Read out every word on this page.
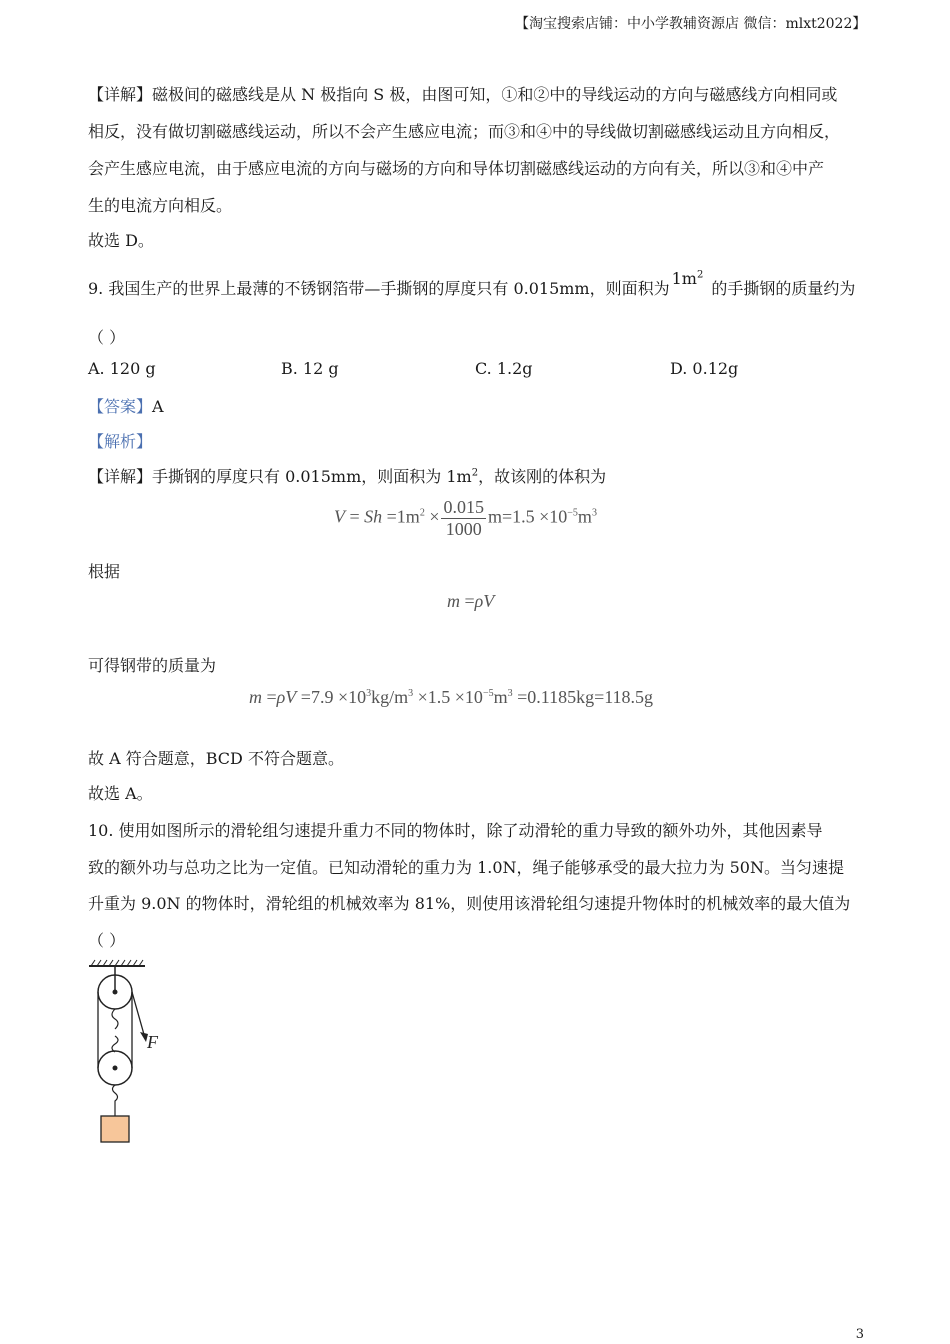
【淘宝搜索店铺：中小学教辅资源店 微信：mlxt2022】
【详解】磁极间的磁感线是从 N 极指向 S 极，由图可知，①和②中的导线运动的方向与磁感线方向相同或
相反，没有做切割磁感线运动，所以不会产生感应电流；而③和④中的导线做切割磁感线运动且方向相反，
会产生感应电流，由于感应电流的方向与磁场的方向和导体切割磁感线运动的方向有关，所以③和④中产
生的电流方向相反。
故选 D。
9. 我国生产的世界上最薄的不锈钢箔带—手撕钢的厚度只有 0.015mm，则面积为$1m^2$的手撕钢的质量约为
（ ）
A. 120 g	B. 12 g	C. 1.2g	D. 0.12g
【答案】A
【解析】
【详解】手撕钢的厚度只有 0.015mm，则面积为 $1m^2$，故该刚的体积为
$V = Sh =1m^2 \times \frac{0.015}{1000} m=1.5 \times 10^{-5}m^3$
根据
m =ρV
可得钢带的质量为
$m =\rho V =7.9 \times 10^3kg/m^3 \times 1.5 \times 10^{-5}m^3 =0.1185kg=118.5g$
故 A 符合题意，BCD 不符合题意。
故选 A。
10. 使用如图所示的滑轮组匀速提升重力不同的物体时，除了动滑轮的重力导致的额外功外，其他因素导
致的额外功与总功之比为一定值。已知动滑轮的重力为 1.0N，绳子能够承受的最大拉力为 50N。当匀速提
升重为 9.0N 的物体时，滑轮组的机械效率为 81%，则使用该滑轮组匀速提升物体时的机械效率的最大值为
（ ）
F
3
